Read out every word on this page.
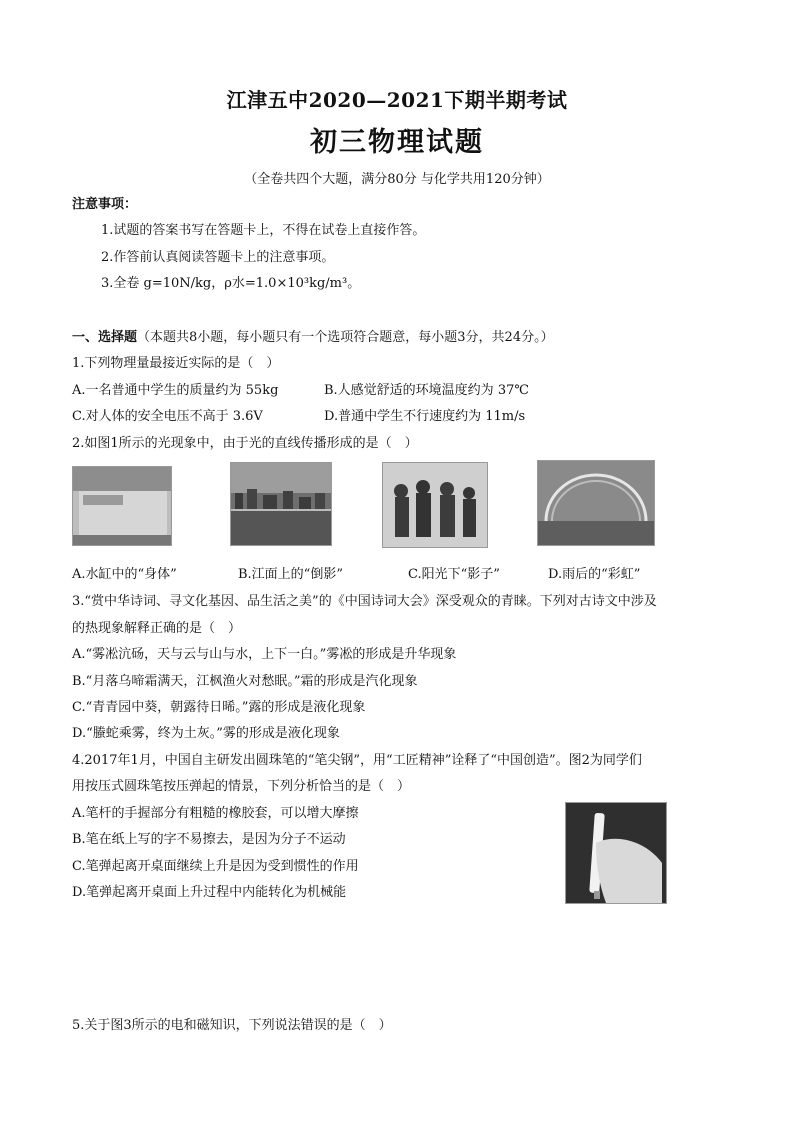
江津五中2020—2021下期半期考试
初三物理试题
（全卷共四个大题，满分80分 与化学共用120分钟）
注意事项：
1.试题的答案书写在答题卡上，不得在试卷上直接作答。
2.作答前认真阅读答题卡上的注意事项。
3.全卷 g=10N/kg，ρ水=1.0×10³kg/m³。
一、选择题（本题共8小题，每小题只有一个选项符合题意，每小题3分，共24分。）
1.下列物理量最接近实际的是（　）
A.一名普通中学生的质量约为 55kg	B.人感觉舒适的环境温度约为 37℃
C.对人体的安全电压不高于 3.6V	D.普通中学生不行速度约为 11m/s
2.如图1所示的光现象中，由于光的直线传播形成的是（　）
A.水缸中的“身体”	B.江面上的“倒影”	C.阳光下“影子”	D.雨后的“彩虹”
3.“赏中华诗词、寻文化基因、品生活之美”的《中国诗词大会》深受观众的青睐。下列对古诗文中涉及
的热现象解释正确的是（　）
A.“雾凇沆砀，天与云与山与水，上下一白。”雾凇的形成是升华现象
B.“月落乌啼霜满天，江枫渔火对愁眠。”霜的形成是汽化现象
C.“青青园中葵，朝露待日晞。”露的形成是液化现象
D.“螣蛇乘雾，终为土灰。”雾的形成是液化现象
4.2017年1月，中国自主研发出圆珠笔的“笔尖钢”，用“工匠精神”诠释了“中国创造”。图2为同学们
用按压式圆珠笔按压弹起的情景，下列分析恰当的是（　）
A.笔杆的手握部分有粗糙的橡胶套，可以增大摩擦
B.笔在纸上写的字不易擦去，是因为分子不运动
C.笔弹起离开桌面继续上升是因为受到惯性的作用
D.笔弹起离开桌面上升过程中内能转化为机械能
5.关于图3所示的电和磁知识，下列说法错误的是（　）
